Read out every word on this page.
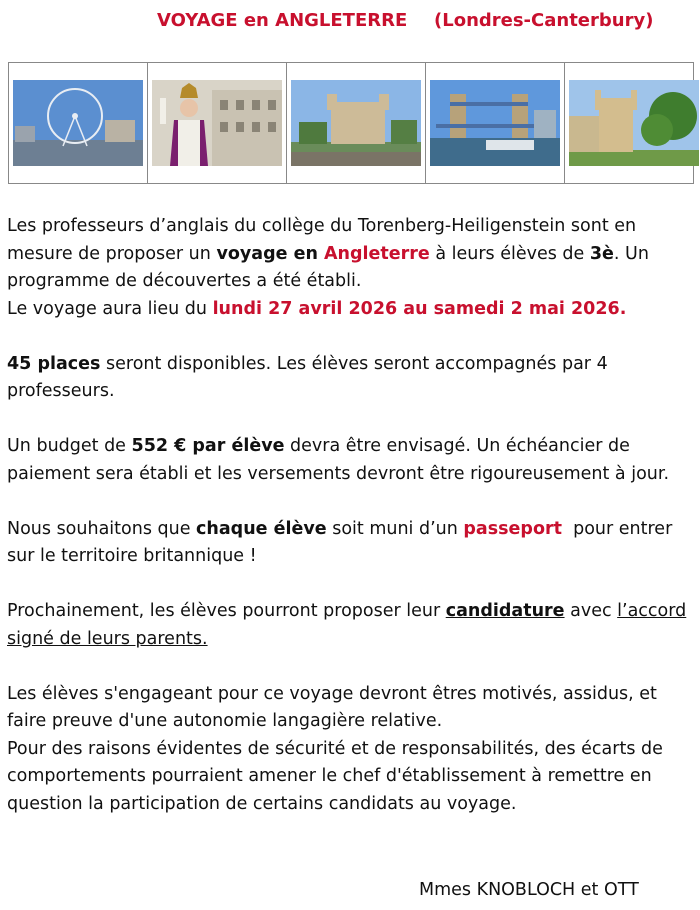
VOYAGE en ANGLETERRE (Londres-Canterbury)

Les professeurs d’anglais du collège du Torenberg-Heiligenstein sont en mesure de proposer un voyage en Angleterre à leurs élèves de 3è. Un programme de découvertes a été établi.

Le voyage aura lieu du lundi 27 avril 2026 au samedi 2 mai 2026.

45 places seront disponibles. Les élèves seront accompagnés par 4 professeurs.

Un budget de 552 € par élève devra être envisagé. Un échéancier de paiement sera établi et les versements devront être rigoureusement à jour.

Nous souhaitons que chaque élève soit muni d’un passeport  pour entrer sur le territoire britannique !

Prochainement, les élèves pourront proposer leur candidature avec l’accord signé de leurs parents.

Les élèves s'engageant pour ce voyage devront êtres motivés, assidus, et faire preuve d'une autonomie langagière relative.

Pour des raisons évidentes de sécurité et de responsabilités, des écarts de comportements pourraient amener le chef d'établissement à remettre en question la participation de certains candidats au voyage.

Mmes KNOBLOCH et OTT
